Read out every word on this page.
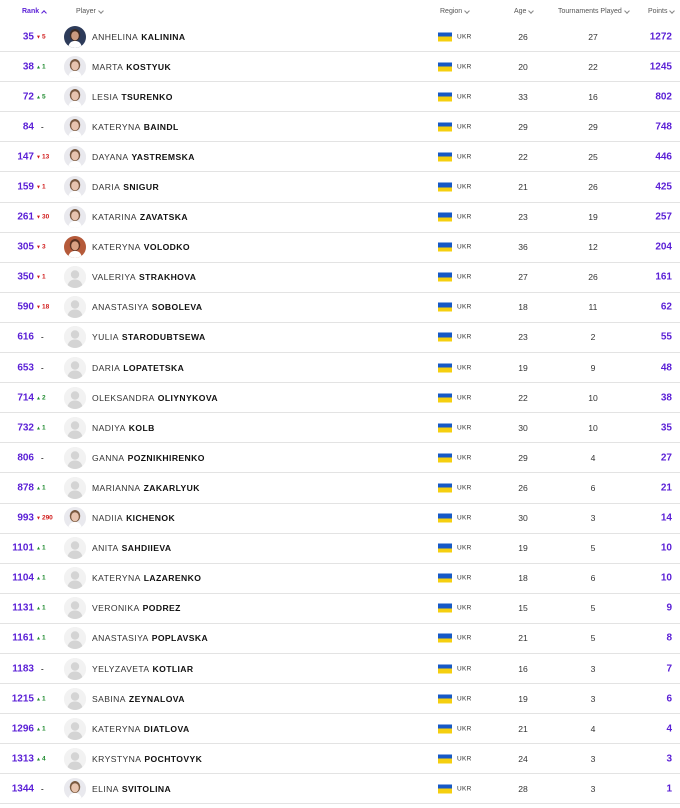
Rank	Player	Region	Age	Tournaments Played	Points
35 ▼5	ANHELINA KALININA	UKR	26	27	1272
38 ▲1	MARTA KOSTYUK	UKR	20	22	1245
72 ▲5	LESIA TSURENKO	UKR	33	16	802
84 -	KATERYNA BAINDL	UKR	29	29	748
147 ▼13	DAYANA YASTREMSKA	UKR	22	25	446
159 ▼1	DARIA SNIGUR	UKR	21	26	425
261 ▼30	KATARINA ZAVATSKA	UKR	23	19	257
305 ▼3	KATERYNA VOLODKO	UKR	36	12	204
350 ▼1	VALERIYA STRAKHOVA	UKR	27	26	161
590 ▼18	ANASTASIYA SOBOLEVA	UKR	18	11	62
616 -	YULIA STARODUBTSEWA	UKR	23	2	55
653 -	DARIA LOPATETSKA	UKR	19	9	48
714 ▲2	OLEKSANDRA OLIYNYKOVA	UKR	22	10	38
732 ▲1	NADIYA KOLB	UKR	30	10	35
806 -	GANNA POZNIKHIRENKO	UKR	29	4	27
878 ▲1	MARIANNA ZAKARLYUK	UKR	26	6	21
993 ▼290	NADIIA KICHENOK	UKR	30	3	14
1101 ▲1	ANITA SAHDIIEVA	UKR	19	5	10
1104 ▲1	KATERYNA LAZARENKO	UKR	18	6	10
1131 ▲1	VERONIKA PODREZ	UKR	15	5	9
1161 ▲1	ANASTASIYA POPLAVSKA	UKR	21	5	8
1183 -	YELYZAVETA KOTLIAR	UKR	16	3	7
1215 ▲1	SABINA ZEYNALOVA	UKR	19	3	6
1296 ▲1	KATERYNA DIATLOVA	UKR	21	4	4
1313 ▲4	KRYSTYNA POCHTOVYK	UKR	24	3	3
1344 -	ELINA SVITOLINA	UKR	28	3	1
